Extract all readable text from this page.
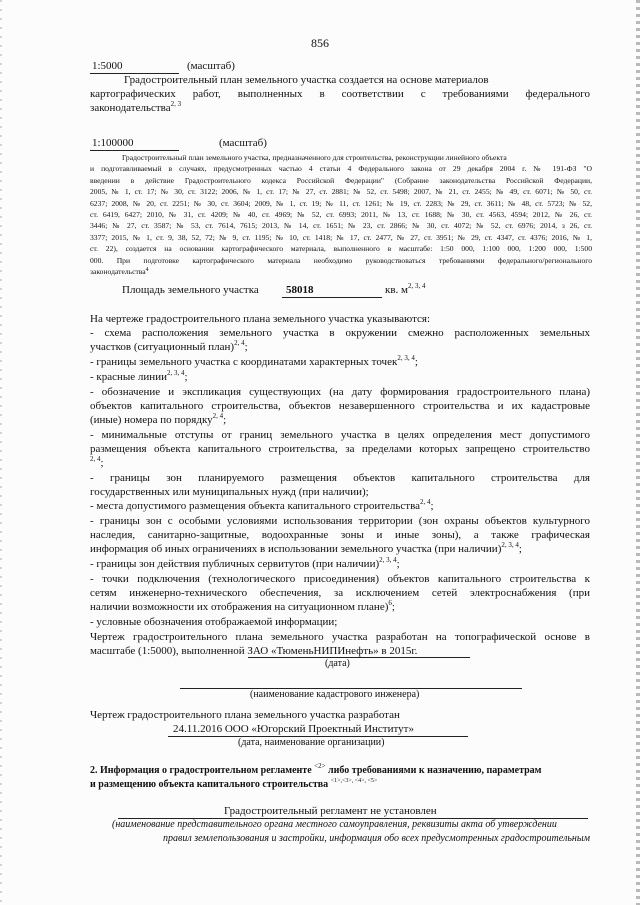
856
1:5000	(масштаб)
Градостроительный план земельного участка создается на основе материалов
картографических работ, выполненных в соответствии с требованиями федерального
законодательства$^{2, 3}$
1:100000	(масштаб)
Градостроительный план земельного участка, предназначенного для строительства, реконструкции линейного объекта
и подготавливаемый в случаях, предусмотренных частью 4 статьи 4 Федерального закона от 29 декабря 2004 г. № 191-ФЗ "О
введении в действие Градостроительного кодекса Российской Федерации" (Собрание законодательства Российской Федерации,
2005, № 1, ст. 17; № 30, ст. 3122; 2006, № 1, ст. 17; № 27, ст. 2881; № 52, ст. 5498; 2007, № 21, ст. 2455; № 49, ст. 6071; № 50, ст.
6237; 2008, № 20, ст. 2251; № 30, ст. 3604; 2009, № 1, ст. 19; № 11, ст. 1261; № 19, ст. 2283; № 29, ст. 3611; № 48, ст. 5723; № 52,
ст. 6419, 6427; 2010, № 31, ст. 4209; № 40, ст. 4969; № 52, ст. 6993; 2011, № 13, ст. 1688; № 30, ст. 4563, 4594; 2012, № 26, ст.
3446; № 27, ст. 3587; № 53, ст. 7614, 7615; 2013, № 14, ст. 1651; № 23, ст. 2866; № 30, ст. 4072; № 52, ст. 6976; 2014, з 26, ст.
3377; 2015, № 1, ст. 9, 38, 52, 72; № 9, ст. 1195; № 10, ст. 1418; № 17, ст. 2477, № 27, ст. 3951; № 29, ст. 4347, ст. 4376; 2016, № 1,
ст. 22), создается на основании картографического материала, выполненного в масштабе: 1:50 000, 1:100 000, 1:200 000, 1:500
000. При подготовке картографического материала необходимо руководствоваться требованиями федерального/регионального
законодательства$^4$
Площадь земельного участка 58018	кв. $м^{2, 3, 4}$
На чертеже градостроительного плана земельного участка указываются:
- схема расположения земельного участка в окружении смежно расположенных земельных
участков (ситуационный план)$^{2, 4}$;
- границы земельного участка с координатами характерных точек$^{2, 3, 4}$;
- красные линии$^{2, 3, 4}$;
- обозначение и экспликация существующих (на дату формирования градостроительного плана)
объектов капитального строительства, объектов незавершенного строительства и их кадастровые
(иные) номера по порядку$^{2, 4}$;
- минимальные отступы от границ земельного участка в целях определения мест допустимого
размещения объекта капитального строительства, за пределами которых запрещено строительство
$^{2, 4}$;
- границы зон планируемого размещения объектов капитального строительства для
государственных или муниципальных нужд (при наличии);
- места допустимого размещения объекта капитального строительства$^{2, 4}$;
- границы зон с особыми условиями использования территории (зон охраны объектов культурного
наследия, санитарно-защитные, водоохранные зоны и иные зоны), а также графическая
информация об иных ограничениях в использовании земельного участка (при наличии)$^{2, 3, 4}$;
- границы зон действия публичных сервитутов (при наличии)$^{2, 3, 4}$;
- точки подключения (технологического присоединения) объектов капитального строительства к
сетям инженерно-технического обеспечения, за исключением сетей электроснабжения (при
наличии возможности их отображения на ситуационном плане)$^6$;
- условные обозначения отображаемой информации;
Чертеж градостроительного плана земельного участка разработан на топографической основе в
масштабе (1:5000), выполненной ЗАО «ТюменьНИПИнефть» в 2015г.
(дата)
(наименование кадастрового инженера)
Чертеж градостроительного плана земельного участка разработан
24.11.2016 ООО «Югорский Проектный Институт»
(дата, наименование организации)
2. Информация о градостроительном регламенте $^{<2>}$ либо требованиями к назначению, параметрам
и размещению объекта капитального строительства $^{<1>,<3>, <4>, <5>}$
Градостроительный регламент не установлен
(наименование представительного органа местного самоуправления, реквизиты акта об утверждении
правил землепользования и застройки, информация обо всех предусмотренных градостроительным
